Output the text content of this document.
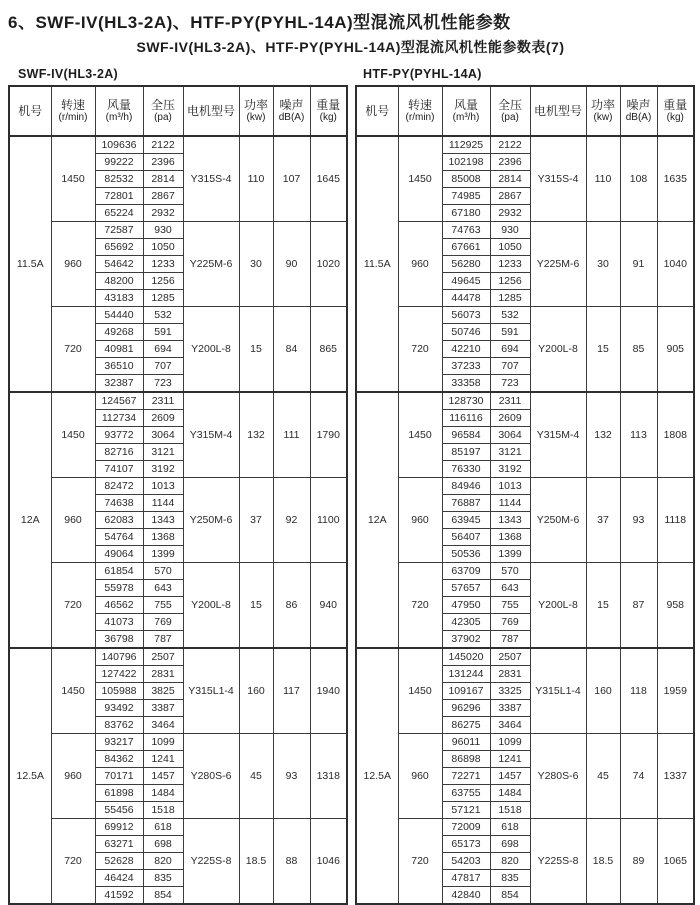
6、SWF-IV(HL3-2A)、HTF-PY(PYHL-14A)型混流风机性能参数
SWF-IV(HL3-2A)、HTF-PY(PYHL-14A)型混流风机性能参数表(7)
SWF-IV(HL3-2A)	HTF-PY(PYHL-14A)
机号	转速
(r/min)

风量
(m³/h)

全压
(pa)	电机型号	功率
(kw)

噪声
dB(A)

重量
(kg)

11.5A	1450	109636	2122	Y315S-4	110	107	1645
		99222	2396				
		82532	2814				
		72801	2867				
		65224	2932				
	960	72587	930	Y225M-6	30	90	1020
		65692	1050				
		54642	1233				
		48200	1256				
		43183	1285				
	720	54440	532	Y200L-8	15	84	865
		49268	591				
		40981	694				
		36510	707				
		32387	723				
12A	1450	124567	2311	Y315M-4	132	111	1790
		112734	2609				
		93772	3064				
		82716	3121				
		74107	3192				
	960	82472	1013	Y250M-6	37	92	1100
		74638	1144				
		62083	1343				
		54764	1368				
		49064	1399				
	720	61854	570	Y200L-8	15	86	940
		55978	643				
		46562	755				
		41073	769				
		36798	787				
12.5A	1450	140796	2507	Y315L1-4	160	117	1940
		127422	2831				
		105988	3825				
		93492	3387				
		83762	3464				
	960	93217	1099	Y280S-6	45	93	1318
		84362	1241				
		70171	1457				
		61898	1484				
		55456	1518				
	720	69912	618	Y225S-8	18.5	88	1046
		63271	698				
		52628	820				
		46424	835				
		41592	854				
机号	转速
(r/min)

风量
(m³/h)

全压
(pa)	电机型号	功率
(kw)

噪声
dB(A)

重量
(kg)

11.5A	1450	112925	2122	Y315S-4	110	108	1635
		102198	2396				
		85008	2814				
		74985	2867				
		67180	2932				
	960	74763	930	Y225M-6	30	91	1040
		67661	1050				
		56280	1233				
		49645	1256				
		44478	1285				
	720	56073	532	Y200L-8	15	85	905
		50746	591				
		42210	694				
		37233	707				
		33358	723				
12A	1450	128730	2311	Y315M-4	132	113	1808
		116116	2609				
		96584	3064				
		85197	3121				
		76330	3192				
	960	84946	1013	Y250M-6	37	93	1118
		76887	1144				
		63945	1343				
		56407	1368				
		50536	1399				
	720	63709	570	Y200L-8	15	87	958
		57657	643				
		47950	755				
		42305	769				
		37902	787				
12.5A	1450	145020	2507	Y315L1-4	160	118	1959
		131244	2831				
		109167	3325				
		96296	3387				
		86275	3464				
	960	96011	1099	Y280S-6	45	74	1337
		86898	1241				
		72271	1457				
		63755	1484				
		57121	1518				
	720	72009	618	Y225S-8	18.5	89	1065
		65173	698				
		54203	820				
		47817	835				
		42840	854				
